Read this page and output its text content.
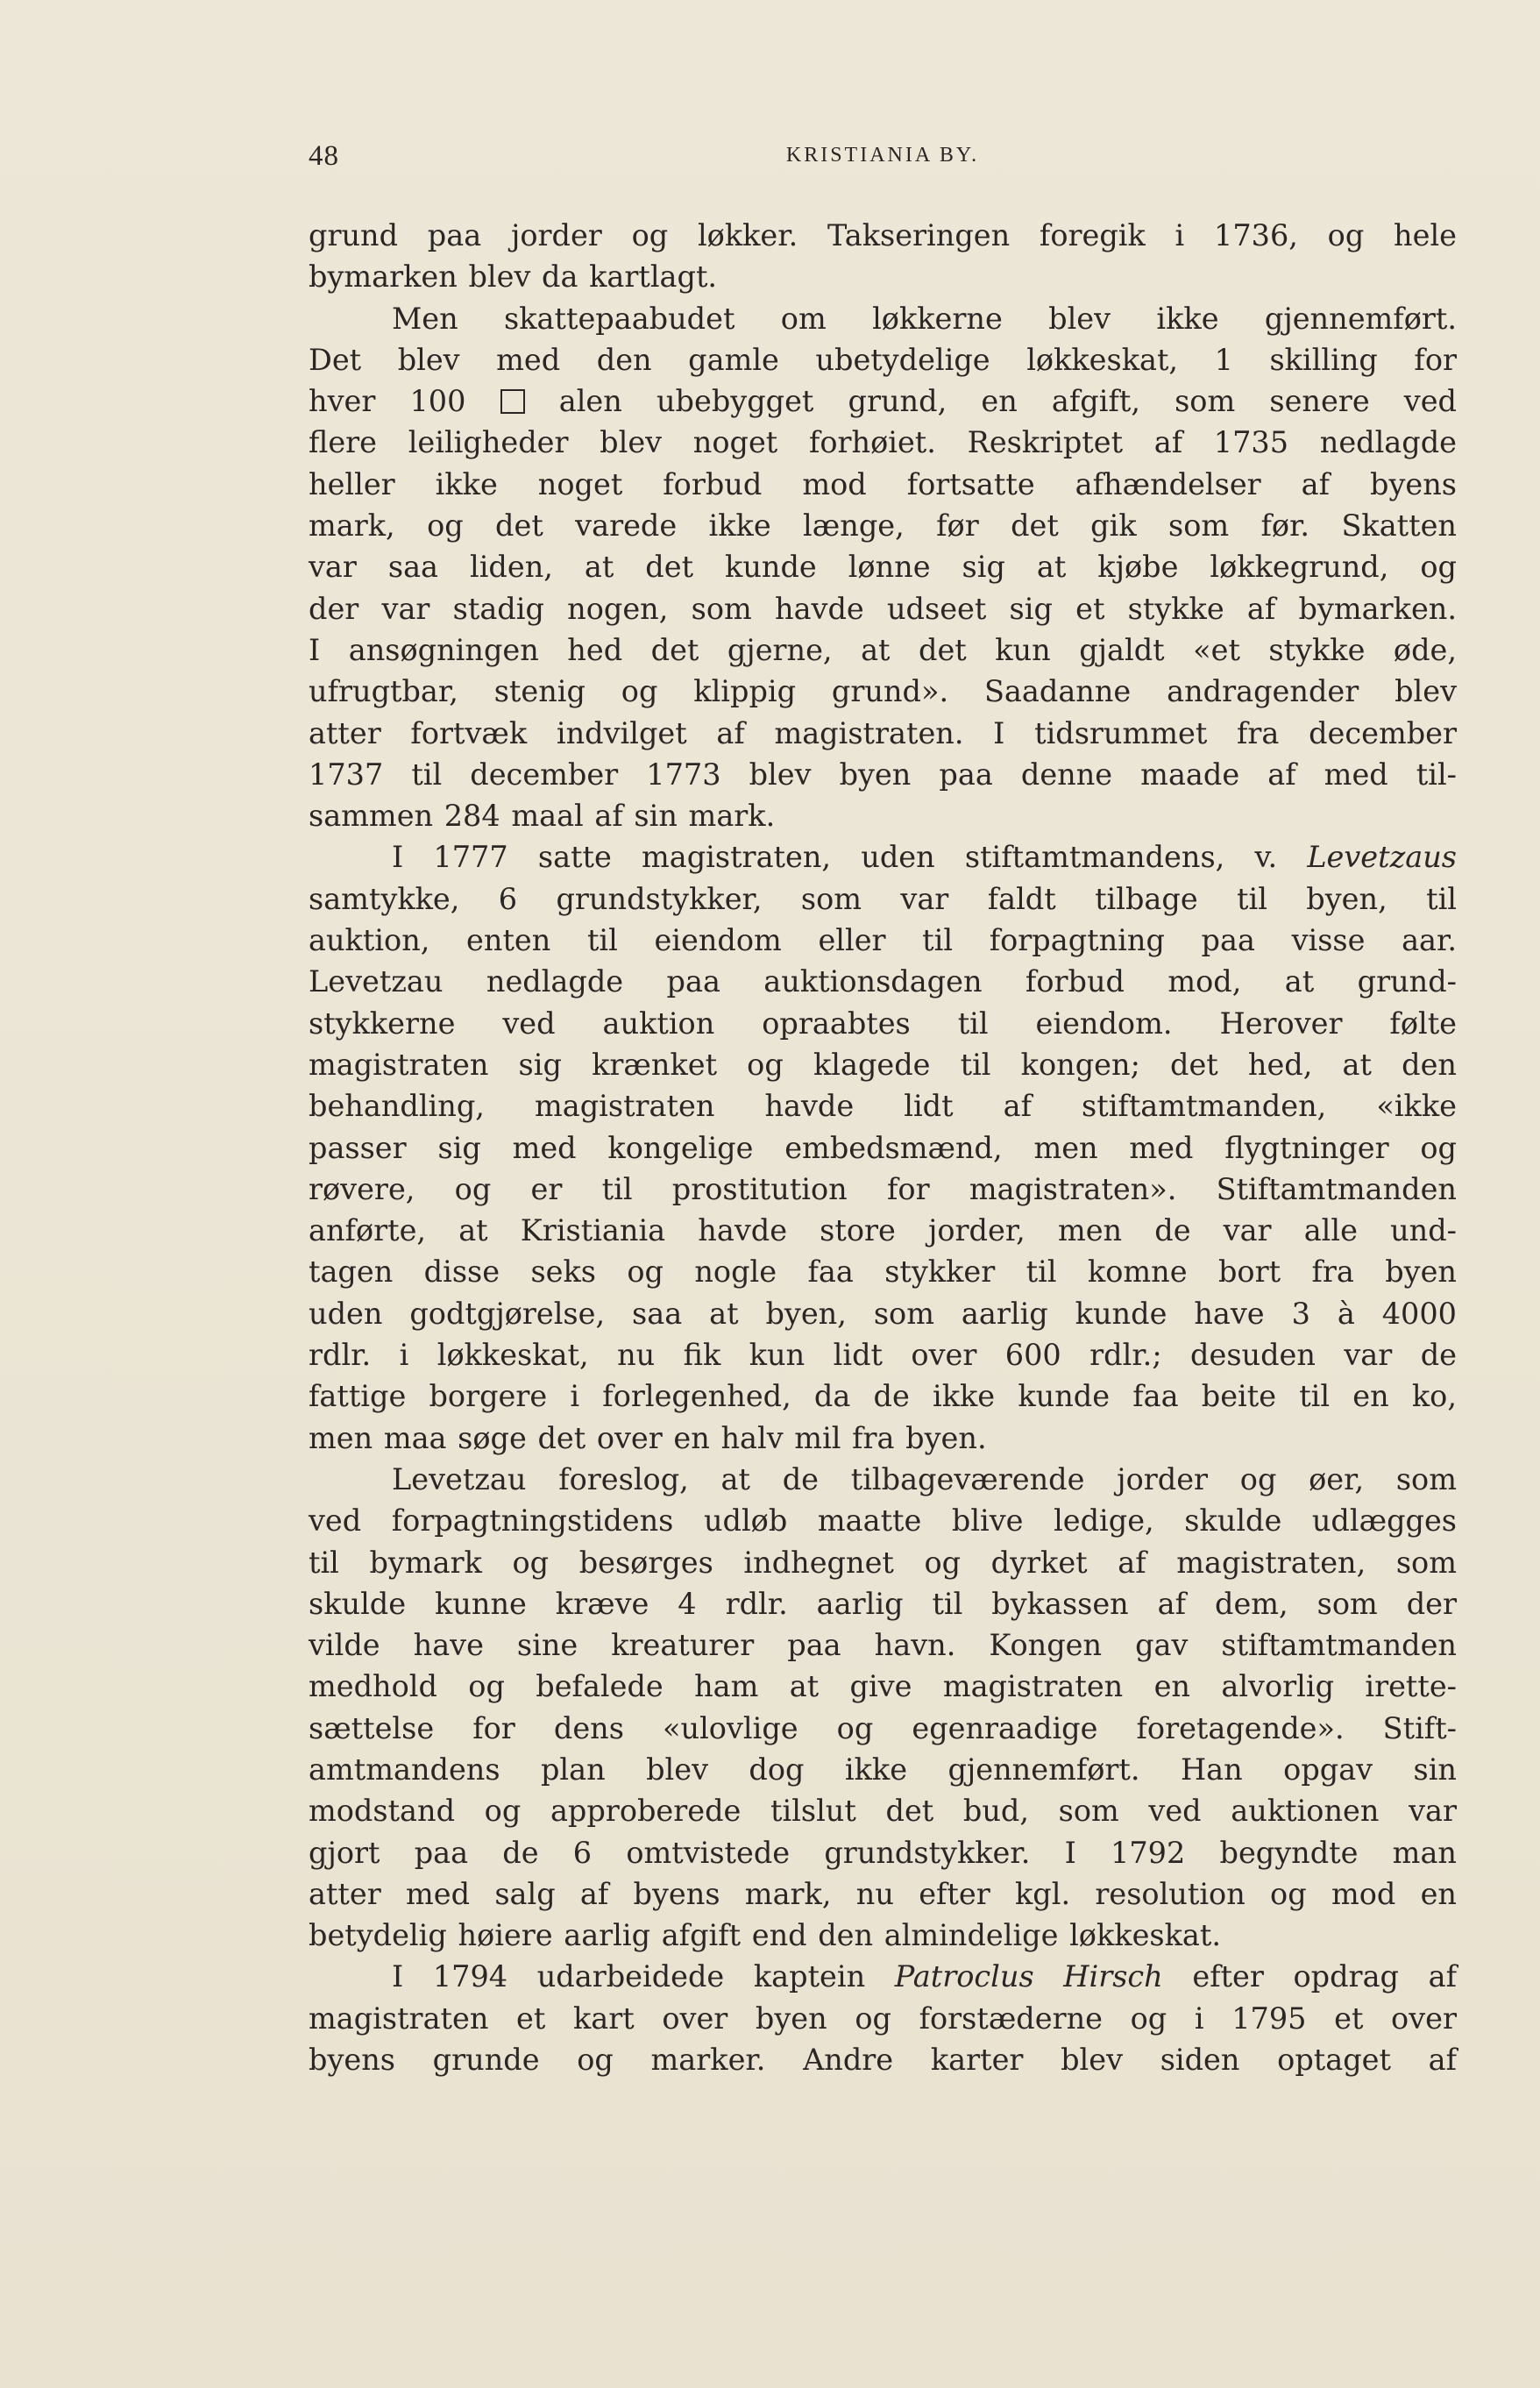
48	KRISTIANIA BY.
grund paa jorder og løkker. Takseringen foregik i 1736, og hele
bymarken blev da kartlagt.
Men skattepaabudet om løkkerne blev ikke gjennemført.
Det blev med den gamle ubetydelige løkkeskat, 1 skilling for
hver 100  alen ubebygget grund, en afgift, som senere ved
flere leiligheder blev noget forhøiet. Reskriptet af 1735 nedlagde
heller ikke noget forbud mod fortsatte afhændelser af byens
mark, og det varede ikke længe, før det gik som før. Skatten
var saa liden, at det kunde lønne sig at kjøbe løkkegrund, og
der var stadig nogen, som havde udseet sig et stykke af bymarken.
I ansøgningen hed det gjerne, at det kun gjaldt «et stykke øde,
ufrugtbar, stenig og klippig grund». Saadanne andragender blev
atter fortvæk indvilget af magistraten. I tidsrummet fra december
1737 til december 1773 blev byen paa denne maade af med til-
sammen 284 maal af sin mark.
I 1777 satte magistraten, uden stiftamtmandens, v. Levetzaus
samtykke, 6 grundstykker, som var faldt tilbage til byen, til
auktion, enten til eiendom eller til forpagtning paa visse aar.
Levetzau nedlagde paa auktionsdagen forbud mod, at grund-
stykkerne ved auktion opraabtes til eiendom. Herover følte
magistraten sig krænket og klagede til kongen; det hed, at den
behandling, magistraten havde lidt af stiftamtmanden, «ikke
passer sig med kongelige embedsmænd, men med flygtninger og
røvere, og er til prostitution for magistraten». Stiftamtmanden
anførte, at Kristiania havde store jorder, men de var alle und-
tagen disse seks og nogle faa stykker til komne bort fra byen
uden godtgjørelse, saa at byen, som aarlig kunde have 3 à 4000
rdlr. i løkkeskat, nu fik kun lidt over 600 rdlr.; desuden var de
fattige borgere i forlegenhed, da de ikke kunde faa beite til en ko,
men maa søge det over en halv mil fra byen.
Levetzau foreslog, at de tilbageværende jorder og øer, som
ved forpagtningstidens udløb maatte blive ledige, skulde udlægges
til bymark og besørges indhegnet og dyrket af magistraten, som
skulde kunne kræve 4 rdlr. aarlig til bykassen af dem, som der
vilde have sine kreaturer paa havn. Kongen gav stiftamtmanden
medhold og befalede ham at give magistraten en alvorlig irette-
sættelse for dens «ulovlige og egenraadige foretagende». Stift-
amtmandens plan blev dog ikke gjennemført. Han opgav sin
modstand og approberede tilslut det bud, som ved auktionen var
gjort paa de 6 omtvistede grundstykker. I 1792 begyndte man
atter med salg af byens mark, nu efter kgl. resolution og mod en
betydelig høiere aarlig afgift end den almindelige løkkeskat.
I 1794 udarbeidede kaptein Patroclus Hirsch efter opdrag af
magistraten et kart over byen og forstæderne og i 1795 et over
byens grunde og marker. Andre karter blev siden optaget af
